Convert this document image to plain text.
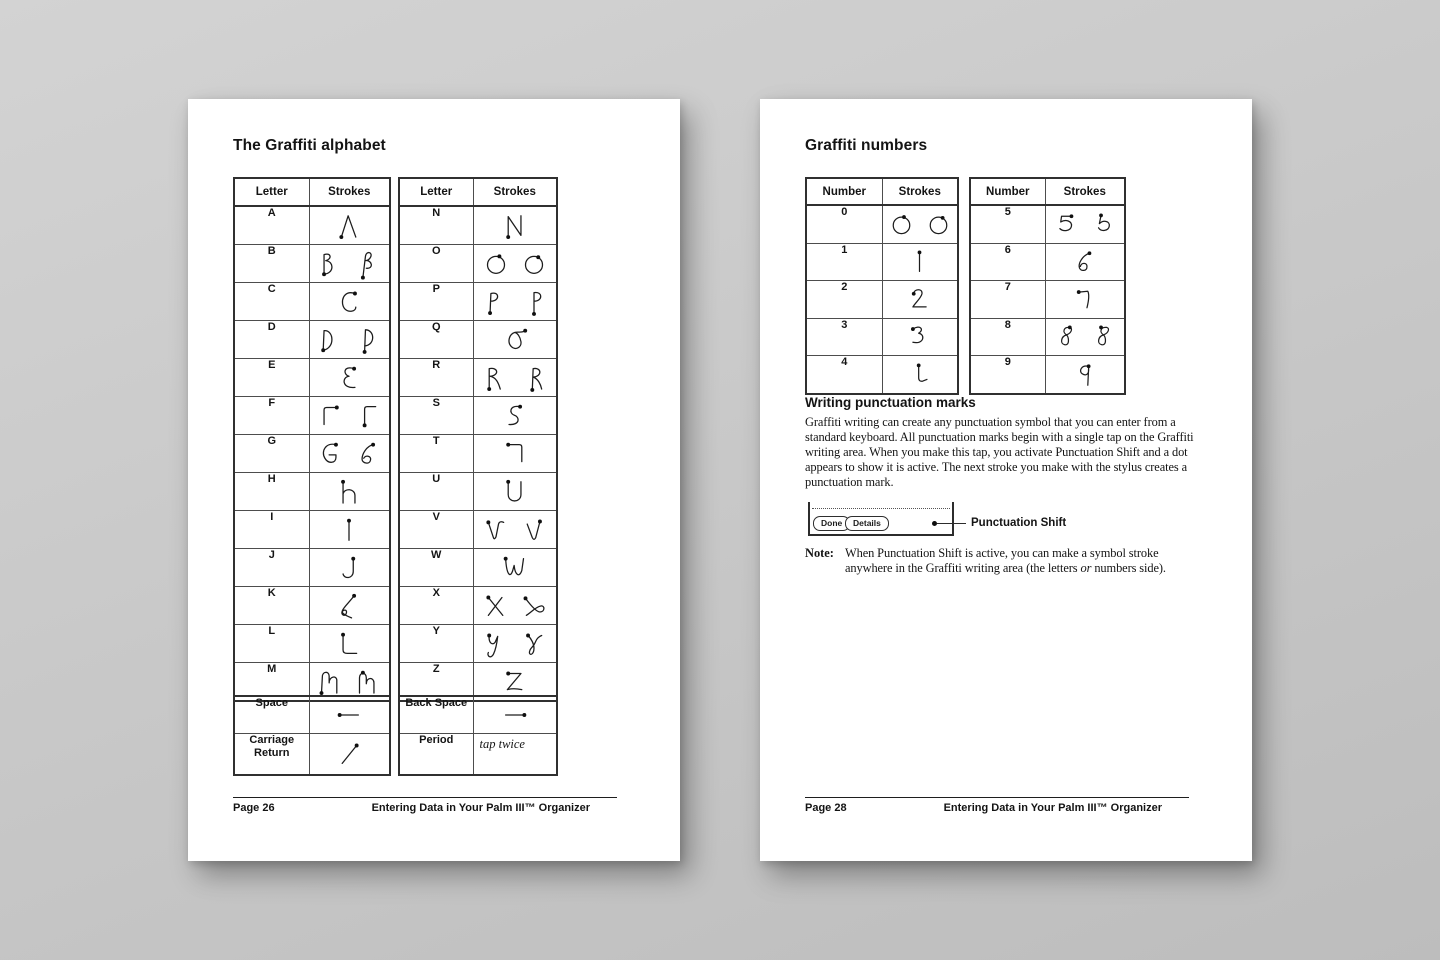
The Graffiti alphabet
Letter	Strokes
A	
B	
C	
D	
E	
F	
G	
H	
I	
J	
K	
L	
M	
Letter	Strokes
N	
O	
P	
Q	
R	
S	
T	
U	
V	
W	
X	
Y	
Z	
Space	
Carriage Return	
Back Space	
Period	tap twice
Page 26	Entering Data in Your Palm III™ Organizer
Graffiti numbers
Number	Strokes
0	
1	
2	
3	
4	
Number	Strokes
5	
6	
7	
8	
9	
Writing punctuation marks

Graffiti writing can create any punctuation symbol that you can enter from a standard keyboard. All punctuation marks begin with a single tap on the Graffiti writing area. When you make this tap, you activate Punctuation Shift and a dot appears to show it is active. The next stroke you make with the stylus creates a punctuation mark.

Done	Details	Punctuation Shift
Note: When Punctuation Shift is active, you can make a symbol stroke anywhere in the Graffiti writing area (the letters or numbers side).

Page 28	Entering Data in Your Palm III™ Organizer
